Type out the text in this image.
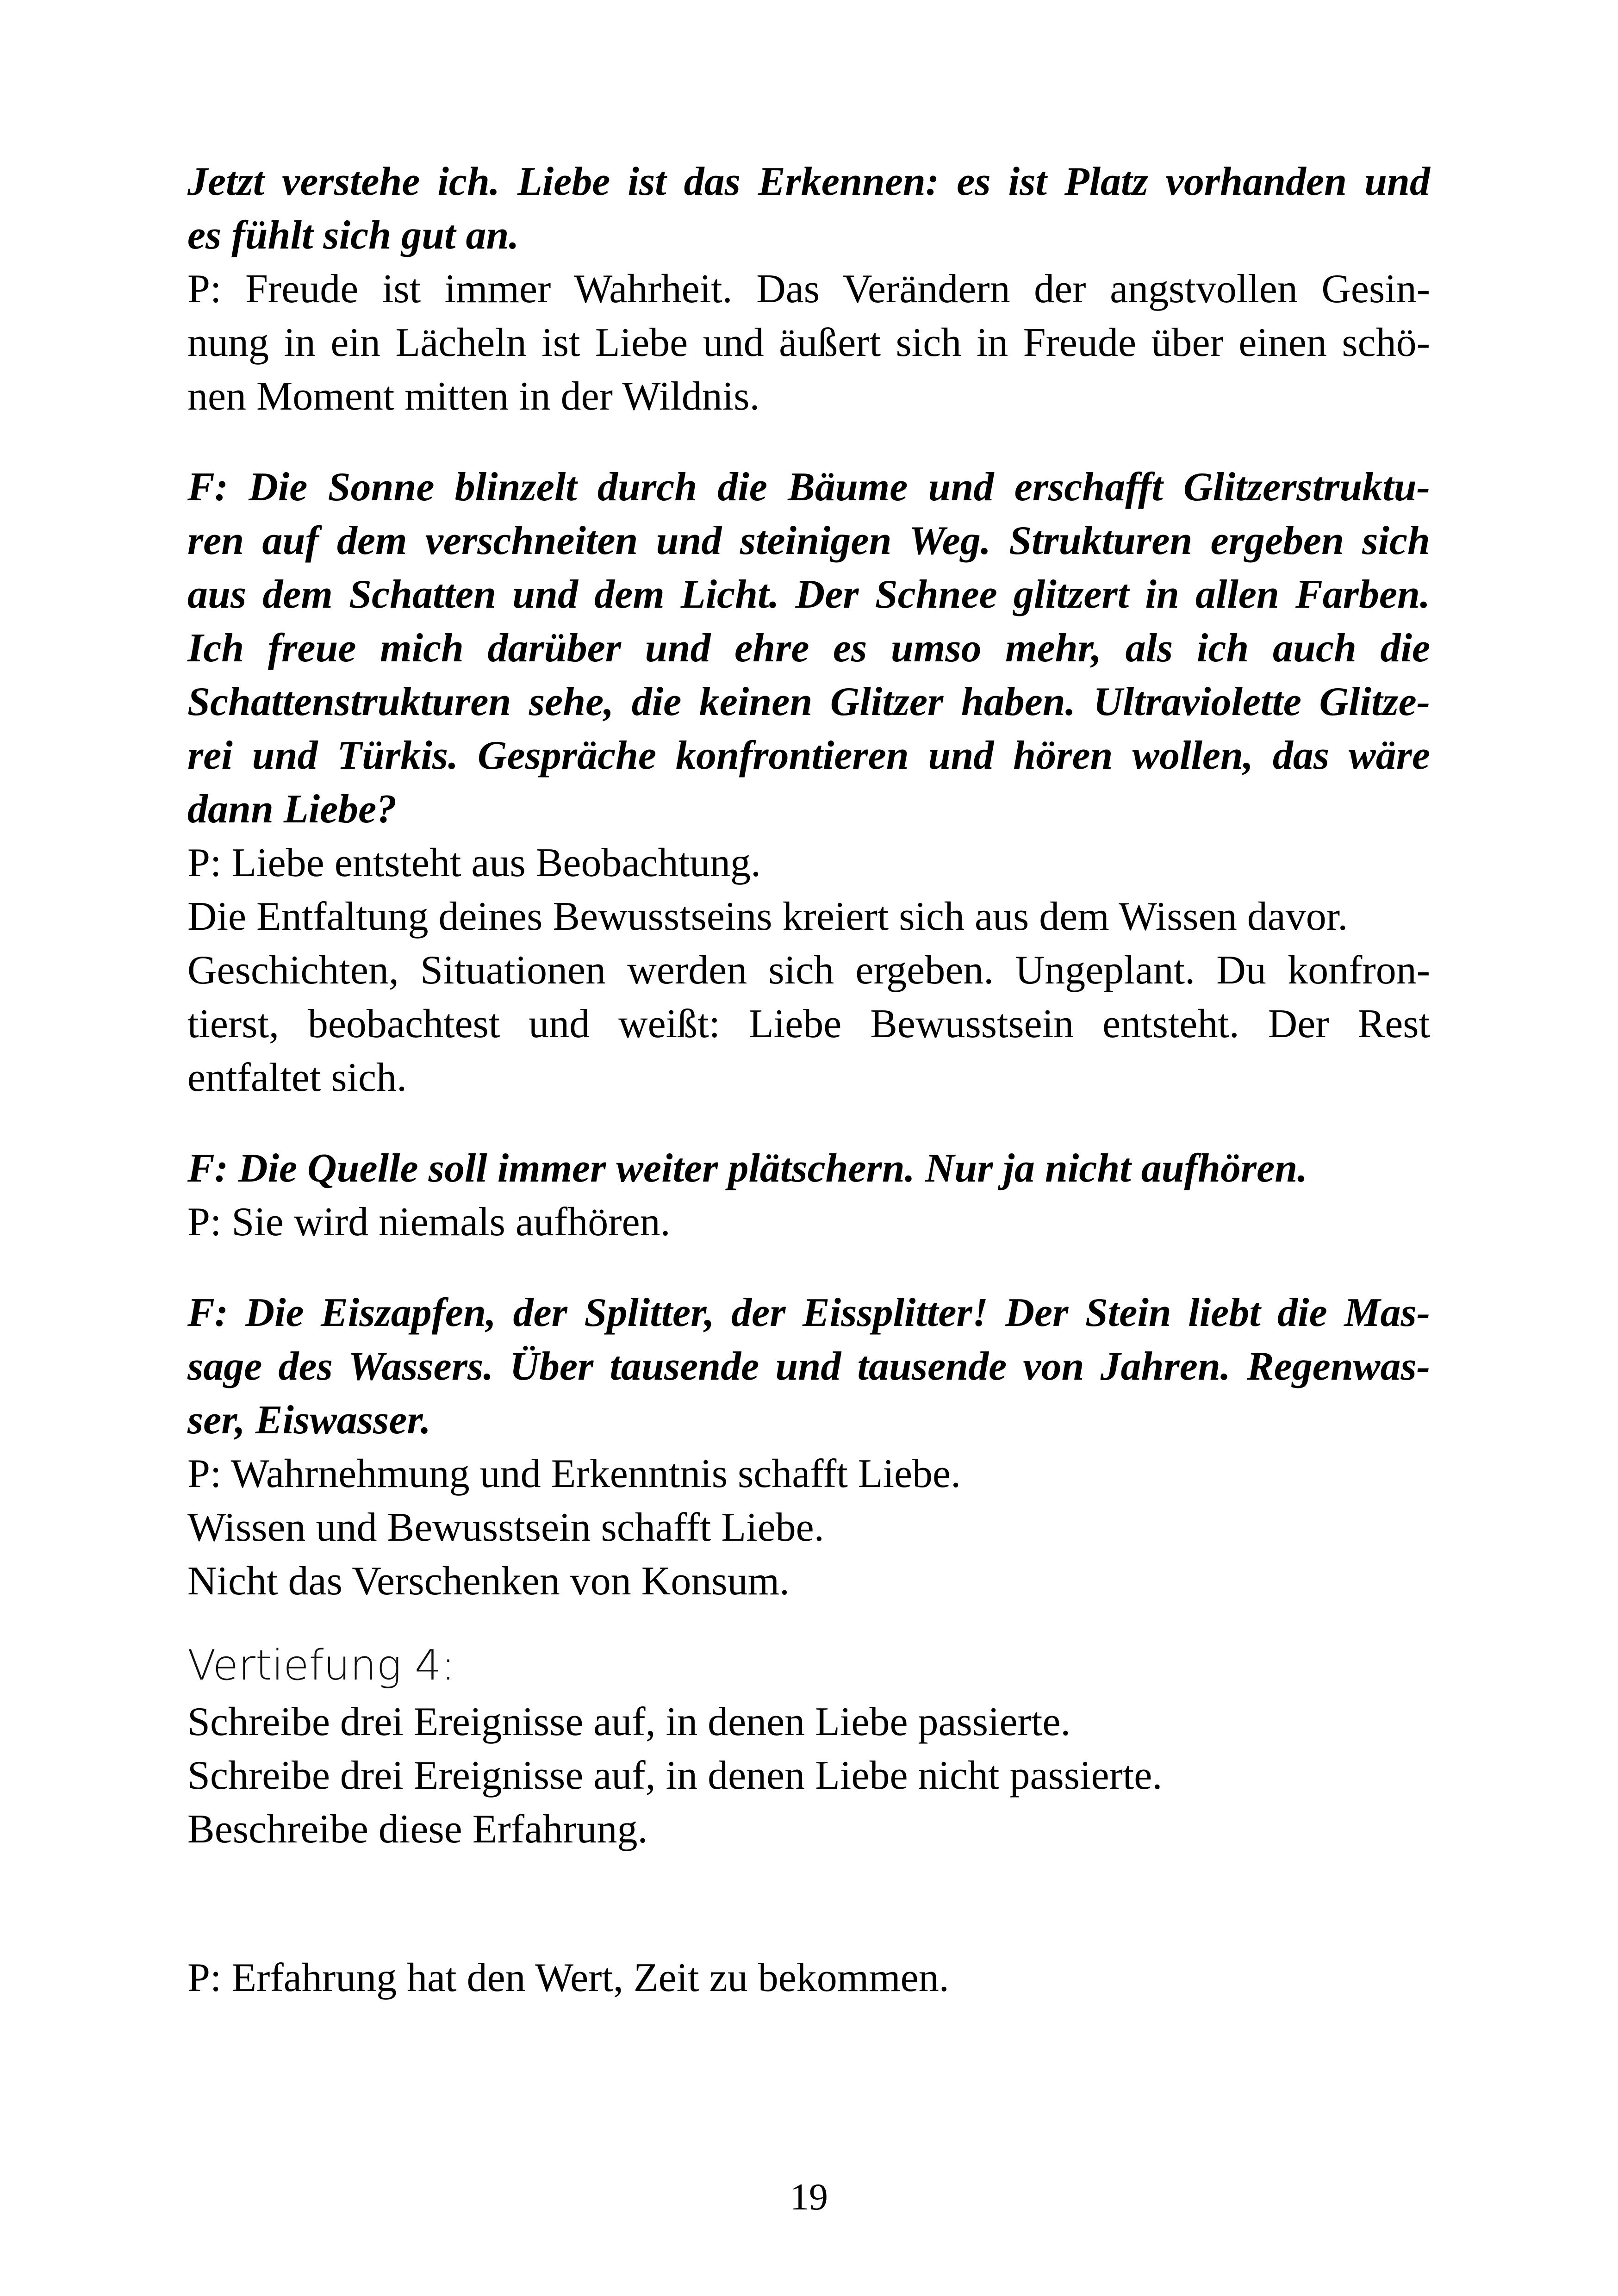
Jetzt verstehe ich. Liebe ist das Erkennen: es ist Platz vorhanden und
es fühlt sich gut an.
P: Freude ist immer Wahrheit. Das Verändern der angstvollen Gesin-
nung in ein Lächeln ist Liebe und äußert sich in Freude über einen schö-
nen Moment mitten in der Wildnis.
F: Die Sonne blinzelt durch die Bäume und erschafft Glitzerstruktu-
ren auf dem verschneiten und steinigen Weg. Strukturen ergeben sich
aus dem Schatten und dem Licht. Der Schnee glitzert in allen Farben.
Ich freue mich darüber und ehre es umso mehr, als ich auch die
Schattenstrukturen sehe, die keinen Glitzer haben. Ultraviolette Glitze-
rei und Türkis. Gespräche konfrontieren und hören wollen, das wäre
dann Liebe?
P: Liebe entsteht aus Beobachtung.
Die Entfaltung deines Bewusstseins kreiert sich aus dem Wissen davor.
Geschichten, Situationen werden sich ergeben. Ungeplant. Du konfron-
tierst, beobachtest und weißt: Liebe Bewusstsein entsteht. Der Rest
entfaltet sich.
F: Die Quelle soll immer weiter plätschern. Nur ja nicht aufhören.
P: Sie wird niemals aufhören.
F: Die Eiszapfen, der Splitter, der Eissplitter! Der Stein liebt die Mas-
sage des Wassers. Über tausende und tausende von Jahren. Regenwas-
ser, Eiswasser.
P: Wahrnehmung und Erkenntnis schafft Liebe.
Wissen und Bewusstsein schafft Liebe.
Nicht das Verschenken von Konsum.
Vertiefung 4:
Schreibe drei Ereignisse auf, in denen Liebe passierte.
Schreibe drei Ereignisse auf, in denen Liebe nicht passierte.
Beschreibe diese Erfahrung.
P: Erfahrung hat den Wert, Zeit zu bekommen.
19
